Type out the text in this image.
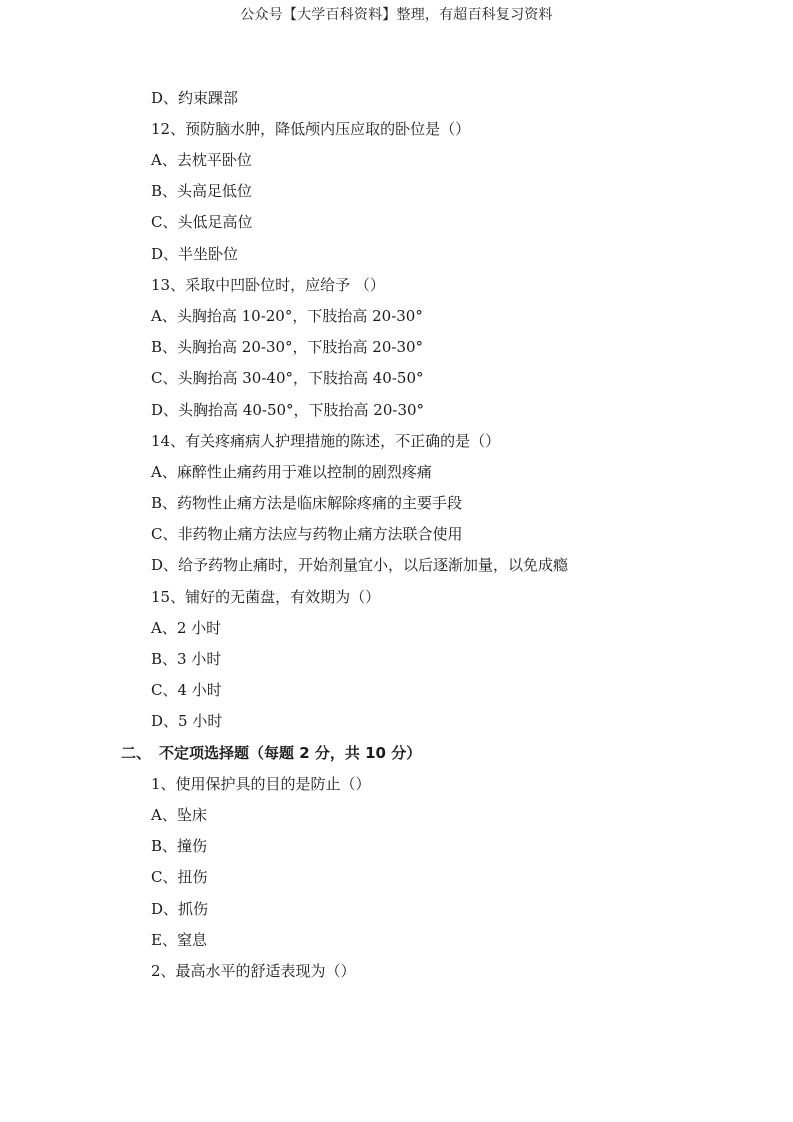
公众号【大学百科资料】整理，有超百科复习资料
D、约束踝部
12、预防脑水肿，降低颅内压应取的卧位是（）
A、去枕平卧位
B、头高足低位
C、头低足高位
D、半坐卧位
13、采取中凹卧位时，应给予 （）
A、头胸抬高 10-20°，下肢抬高 20-30°
B、头胸抬高 20-30°，下肢抬高 20-30°
C、头胸抬高 30-40°，下肢抬高 40-50°
D、头胸抬高 40-50°，下肢抬高 20-30°
14、有关疼痛病人护理措施的陈述，不正确的是（）
A、麻醉性止痛药用于难以控制的剧烈疼痛
B、药物性止痛方法是临床解除疼痛的主要手段
C、非药物止痛方法应与药物止痛方法联合使用
D、给予药物止痛时，开始剂量宜小，以后逐渐加量，以免成瘾
15、铺好的无菌盘，有效期为（）
A、2 小时
B、3 小时
C、4 小时
D、5 小时
二、 不定项选择题（每题 2 分，共 10 分）
1、使用保护具的目的是防止（）
A、坠床
B、撞伤
C、扭伤
D、抓伤
E、窒息
2、最高水平的舒适表现为（）
